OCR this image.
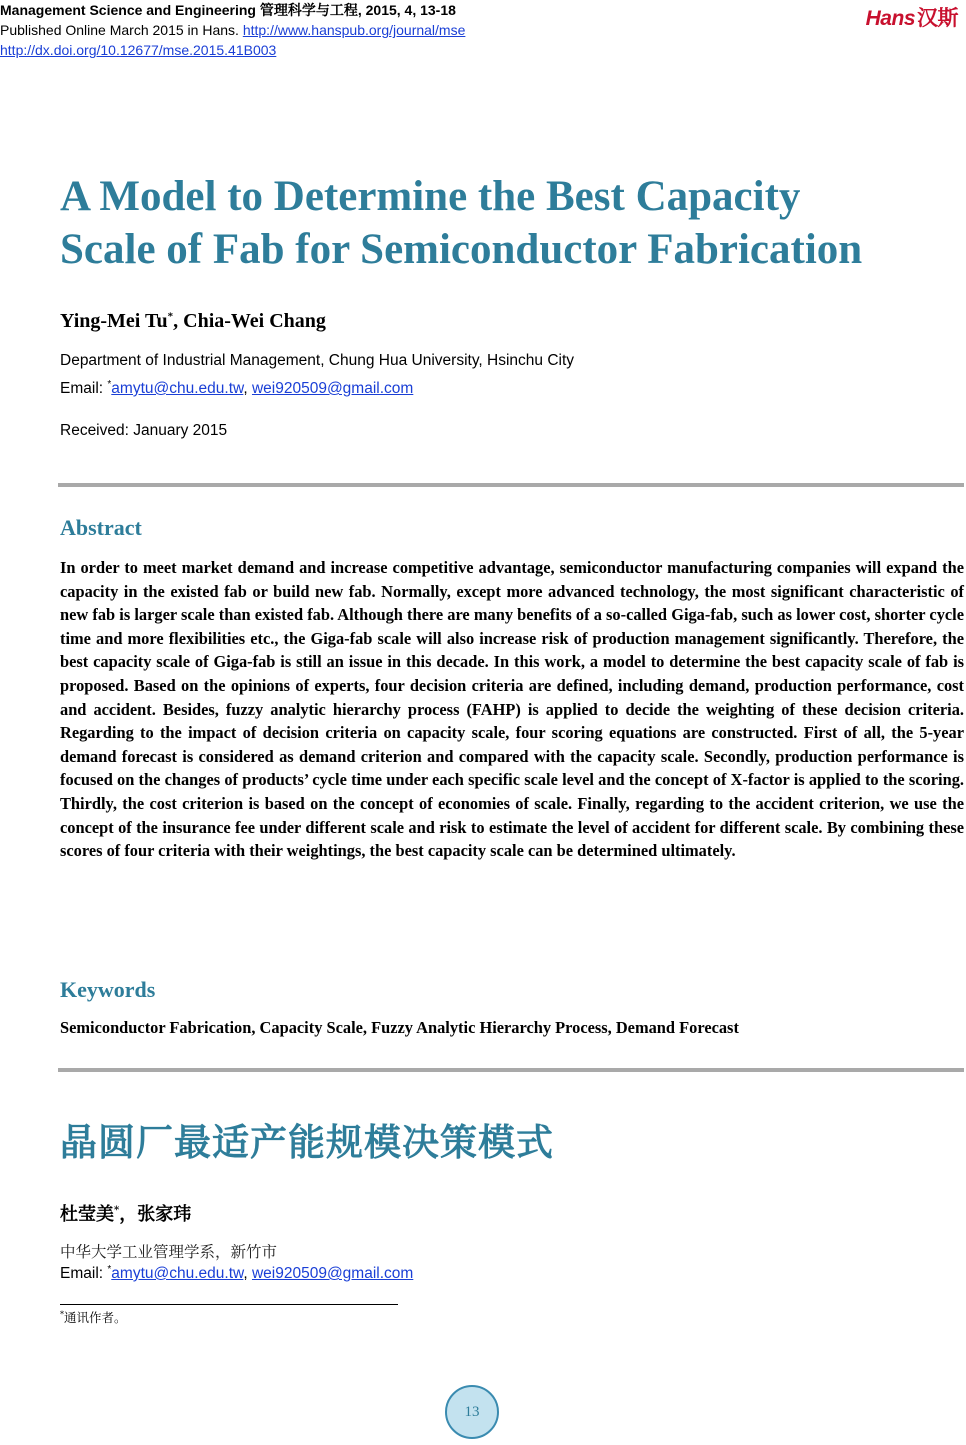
Management Science and Engineering 管理科学与工程, 2015, 4, 13-18
Published Online March 2015 in Hans. http://www.hanspub.org/journal/mse
http://dx.doi.org/10.12677/mse.2015.41B003
Hans汉斯
A Model to Determine the Best Capacity
Scale of Fab for Semiconductor Fabrication
Ying-Mei Tu*, Chia-Wei Chang
Department of Industrial Management, Chung Hua University, Hsinchu City
Email: *amytu@chu.edu.tw, wei920509@gmail.com
Received: January 2015
Abstract

In order to meet market demand and increase competitive advantage, semiconductor manufacturing companies will expand the capacity in the existed fab or build new fab. Normally, except more advanced technology, the most significant characteristic of new fab is larger scale than existed fab. Although there are many benefits of a so-called Giga-fab, such as lower cost, shorter cycle time and more flexibilities etc., the Giga-fab scale will also increase risk of production management significantly. Therefore, the best capacity scale of Giga-fab is still an issue in this decade. In this work, a model to determine the best capacity scale of fab is proposed. Based on the opinions of experts, four decision criteria are defined, including demand, production performance, cost and accident. Besides, fuzzy analytic hierarchy process (FAHP) is applied to decide the weighting of these decision criteria. Regarding to the impact of decision criteria on capacity scale, four scoring equations are constructed. First of all, the 5-year demand forecast is considered as demand criterion and compared with the capacity scale. Secondly, production performance is focused on the changes of products’ cycle time under each specific scale level and the concept of X-factor is applied to the scoring. Thirdly, the cost criterion is based on the concept of economies of scale. Finally, regarding to the accident criterion, we use the concept of the insurance fee under different scale and risk to estimate the level of accident for different scale. By combining these scores of four criteria with their weightings, the best capacity scale can be determined ultimately.

Keywords
Semiconductor Fabrication, Capacity Scale, Fuzzy Analytic Hierarchy Process, Demand Forecast
晶圆厂最适产能规模决策模式
杜莹美*，张家玮
中华大学工业管理学系，新竹市
Email: *amytu@chu.edu.tw, wei920509@gmail.com
*通讯作者。
13
